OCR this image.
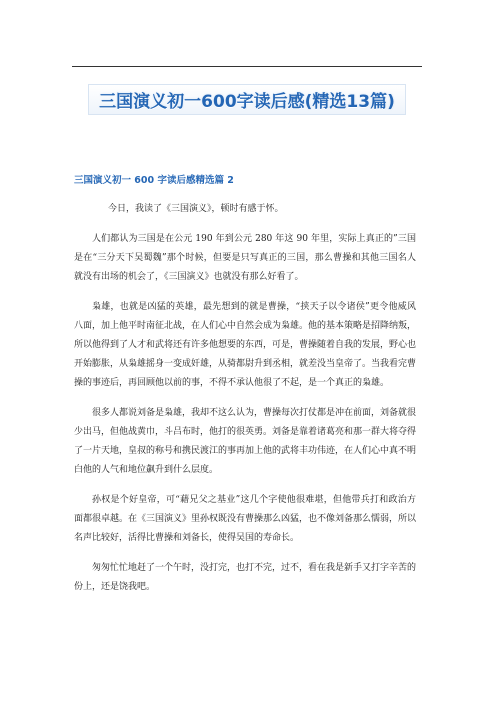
三国演义初一600字读后感(精选13篇)
三国演义初一 600 字读后感精选篇 2

今日，我读了《三国演义》，顿时有感于怀。

人们都认为三国是在公元 190 年到公元 280 年这 90 年里，实际上真正的”三国是在“三分天下吴蜀魏”那个时候，但要是只写真正的三国，那么曹操和其他三国名人就没有出场的机会了，《三国演义》也就没有那么好看了。

枭雄，也就是凶猛的英雄，最先想到的就是曹操，“挟天子以令诸侯”更令他威风八面，加上他平时南征北战，在人们心中自然会成为枭雄。他的基本策略是招降纳叛，所以他得到了人才和武将还有许多他想要的东西，可是，曹操随着自我的发展，野心也开始膨胀，从枭雄摇身一变成奸雄，从骑都尉升到丞相，就差没当皇帝了。当我看完曹操的事迹后，再回顾他以前的事，不得不承认他很了不起，是一个真正的枭雄。

很多人都说刘备是枭雄，我却不这么认为，曹操每次打仗都是冲在前面，刘备就很少出马，但他战黄巾，斗吕布时，他打的很英勇。刘备是靠着诸葛亮和那一群大将夺得了一片天地，皇叔的称号和携民渡江的事再加上他的武将丰功伟迹，在人们心中真不明白他的人气和地位飙升到什么层度。

孙权是个好皇帝，可“藉兄父之基业”这几个字使他很难堪，但他带兵打和政治方面都很卓越。在《三国演义》里孙权既没有曹操那么凶猛，也不像刘备那么懦弱，所以名声比较好，活得比曹操和刘备长，使得吴国的寿命长。

匆匆忙忙地赶了一个午时，没打完，也打不完，过不，看在我是新手又打字辛苦的份上，还是饶我吧。
